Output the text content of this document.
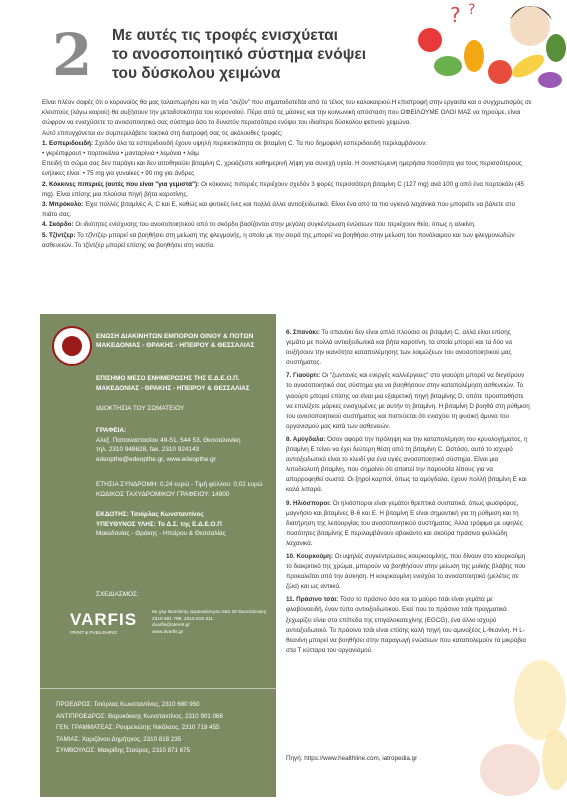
2 Με αυτές τις τροφές ενισχύεται
το ανοσοποιητικό σύστημα ενόψει
του δύσκολου χειμώνα
? ?

Είναι πλέον σαφές ότι ο κορονοϊός θα μας ταλαιπωρήσει και τη νέα "σεζόν" που σηματοδοτείται από το τέλος του καλοκαιριού.Η επιστροφή στην εργασία και ο συγχρωτισμός σε κλειστούς (λόγω καιρού) θα αυξήσουν την μεταδοτικότητα του κορονοϊού. Πέρα από τις μάσκες και την κοινωνική απόσταση που ΟΦΕΙΛΟΥΜΕ ΟΛΟΙ ΜΑΣ να τηρούμε, είναι σώφρον να ενισχύσετε το ανοσοποιητικό σας σύστημα όσο το δυνατόν περισσότερο ενόψει του ιδιαίτερα δύσκολου φετινού χειμώνα.

Αυτό επιτυγχάνεται αν συμπεριλάβετε τακτικά στη διατροφή σας τις ακόλουθες τροφές:

1. Εσπεριδοειδή: Σχεδόν όλα τα εσπεριδοειδή έχουν υψηλή περιεκτικότητα σε βιταμίνη C. Τα πιο δημοφιλή εσπεριδοειδή περιλαμβάνουν:

• γκρέιπφρουτ • πορτοκάλια • μανταρίνια • λεμόνια • λάιμ

Επειδή το σώμα σας δεν παράγει και δεν αποθηκεύει βιταμίνη C, χρειάζεστε καθημερινή λήψη για συνεχή υγεία. Η συνιστώμενη ημερήσια ποσότητα για τους περισσότερους ενήλικες είναι: • 75 mg για γυναίκες • 90 mg για άνδρες

2. Κόκκινες πιπεριές (αυτές που είναι "για γεμιστά"): Οι κόκκινες πιπεριές περιέχουν σχεδόν 3 φορές περισσότερη βιταμίνη C (127 mg) ανά 100 g από ένα πορτοκάλι (45 mg). Είναι επίσης μια πλούσια πηγή βήτα καροτίνης.

3. Μπρόκολο: Έχει πολλές βιταμίνες A, C και E, καθώς και φυτικές ίνες και πολλά άλλα αντιοξειδωτικά. Είναι ένα από τα πιο υγιεινά λαχανικά που μπορείτε να βάλετε στο πιάτο σας.

4. Σκόρδο: Οι ιδιότητες ενίσχυσης του ανοσοποιητικού από το σκόρδο βασίζονται στην μεγάλη συγκέντρωση ενώσεων που περιέχουν θείο, όπως η αλικίνη.

5. Τζίντζερ: Το τζίντζερ μπορεί να βοηθήσει στη μείωση της φλεγμονής, η οποία με την σειρά της μπορεί να βοηθήσει στην μείωση του πονόλαιμου και των φλεγμονωδών ασθενειών. Το τζίντζερ μπορεί επίσης να βοηθήσει στη ναυτία.

ΕΝΩΣΗ ΔΙΑΚΙΝΗΤΩΝ ΕΜΠΟΡΩΝ ΟΙΝΟΥ & ΠΟΤΩΝ ΜΑΚΕΔΟΝΙΑΣ - ΘΡΑΚΗΣ - ΗΠΕΙΡΟΥ & ΘΕΣΣΑΛΙΑΣ
ΕΠΙΣΗΜΟ ΜΕΣΟ ΕΝΗΜΕΡΩΣΗΣ ΤΗΣ Ε.Δ.Ε.Ο.Π. ΜΑΚΕΔΟΝΙΑΣ - ΘΡΑΚΗΣ - ΗΠΕΙΡΟΥ & ΘΕΣΣΑΛΙΑΣ
ΙΔΙΟΚΤΗΣΙΑ ΤΟΥ ΣΩΜΑΤΕΙΟΥ
ΓΡΑΦΕΙΑ:
Αλεξ. Παπαναστασίου 49-51, 544 53, Θεσσαλονίκη
τηλ. 2310 948628, fax. 2310 924143
edeopthe@edeopthe.gr, www.edeopthe.gr
ΕΤΗΣΙΑ ΣΥΝΔΡΟΜΗ: 0,24 ευρώ - Τιμή φύλλου: 0,02 ευρώ
ΚΩΔΙΚΟΣ ΤΑΧΥΔΡΟΜΙΚΟΥ ΓΡΑΦΕΙΟΥ: 14900
ΕΚΔΟΤΗΣ: Τσιόρλας Κωνσταντίνος
ΥΠΕΥΘΥΝΟΣ ΥΛΗΣ: Το Δ.Σ. της Ε.Δ.Ε.Ο.Π
Μακεδονίας - Θράκης - Ηπείρου & Θεσσαλίας
ΣΧΕΔΙΑΣΜΟΣ:
VARFIS
PRINT & PUBLISHING
6ο χλμ Θεσ/νίκης Ωραιοκάστρου 564 29 Θεσσαλονίκη
2310 681 799, 2310 618 311
dvarfis@otenet.gr
www.dvarfis.gr
ΠΡΟΕΔΡΟΣ: Τσιόρλας Κωνσταντίνος, 2310 680 950
ΑΝΤΙΠΡΟΕΔΡΟΣ: Βαρυκόκκης Κωνσταντίνος, 2310 901 068
ΓΕΝ. ΓΡΑΜΜΑΤΕΑΣ: Ρουμελιώτης Νικόλαος, 2310 719 455
ΤΑΜΙΑΣ: Χαριζάνου Δημήτριος, 2310 818 235
ΣΥΜΒΟΥΛΟΣ: Μακρίδης Σταύρος, 2310 871 675

6. Σπανάκι: Το σπανάκι δεν είναι απλά πλούσιο σε βιταμίνη C, αλλά είναι επίσης γεμάτο με πολλά αντιοξειδωτικά και βήτα καροτίνη, τα οποία μπορεί και τα δύο να αυξήσουν την ικανότητα καταπολέμησης των λοιμώξεων του ανοσοποιητικού μας συστήματος.

7. Γιαούρτι: Οι "ζωντανές και ενεργές καλλιέργειες" στο γιαούρτι μπορεί να διεγείρουν το ανοσοποιητικό σας σύστημα για να βοηθήσουν στην καταπολέμηση ασθενειών. Το γιαούρτι μπορεί επίσης να είναι μια εξαιρετική πηγή βιταμίνης D, οπότε προσπαθήστε να επιλέξετε μάρκες ενισχυμένες με αυτήν τη βιταμίνη. Η βιταμίνη D βοηθά στη ρύθμιση του ανοσοποιητικού συστήματος και πιστεύεται ότι ενισχύει τη φυσική άμυνα του οργανισμού μας κατά των ασθενειών.

8. Αμύγδαλα: Όσον αφορά την πρόληψη και την καταπολέμηση του κρυολογήματος, η βιταμίνη E τείνει να έχει δεύτερη θέση από τη βιταμίνη C. Ωστόσο, αυτό το ισχυρό αντιοξειδωτικό είναι το κλειδί για ένα υγιές ανοσοποιητικό σύστημα. Είναι μια λιποδιαλυτή βιταμίνη, που σημαίνει ότι απαιτεί την παρουσία λίπους για να απορροφηθεί σωστά. Οι ξηροί καρποί, όπως τα αμύγδαλα, έχουν πολλή βιταμίνη E και καλά λιπαρά.

9. Ηλιόσποροι: Οι ηλιόσποροι είναι γεμάτοι θρεπτικά συστατικά, όπως φωσφόρος, μαγνήσιο και βιταμίνες B-6 και E. Η βιταμίνη E είναι σημαντική για τη ρύθμιση και τη διατήρηση της λειτουργίας του ανοσοποιητικού συστήματος. Άλλα τρόφιμα με υψηλές ποσότητες βιταμίνης E περιλαμβάνουν αβοκάντο και σκούρα πράσινα φυλλώδη λαχανικά.

10. Κουρκούμη: Οι υψηλές συγκεντρώσεις κουρκουμίνης, που δίνουν στο κουρκούμη το διακριτικό της χρώμα, μπορούν να βοηθήσουν στην μείωση της μυϊκής βλάβης που προκαλείται από την άσκηση. Η κουρκουμίνη ενισχύει το ανοσοποιητικό (μελέτες σε ζώα) και ως αντιικό.

11. Πράσινο τσάι: Τόσο το πράσινο όσο και το μαύρο τσάι είναι γεμάτα με φλαβονοειδή, έναν τύπο αντιοξειδωτικού. Εκεί που το πράσινο τσάι πραγματικά ξεχωρίζει είναι στα επίπεδα της επιγαλοκατεχίνης (EGCG), ένα άλλο ισχυρό αντιοξειδωτικό. Το πράσινο τσάι είναι επίσης καλή πηγή του αμινοξέος L-θεανίνη. Η L-θεανίνη μπορεί να βοηθήσει στην παραγωγή ενώσεων που καταπολεμούν τα μικρόβια στα Τ κύτταρα του οργανισμού.

Πηγή: https://www.healthline.com, iatropedia.gr
